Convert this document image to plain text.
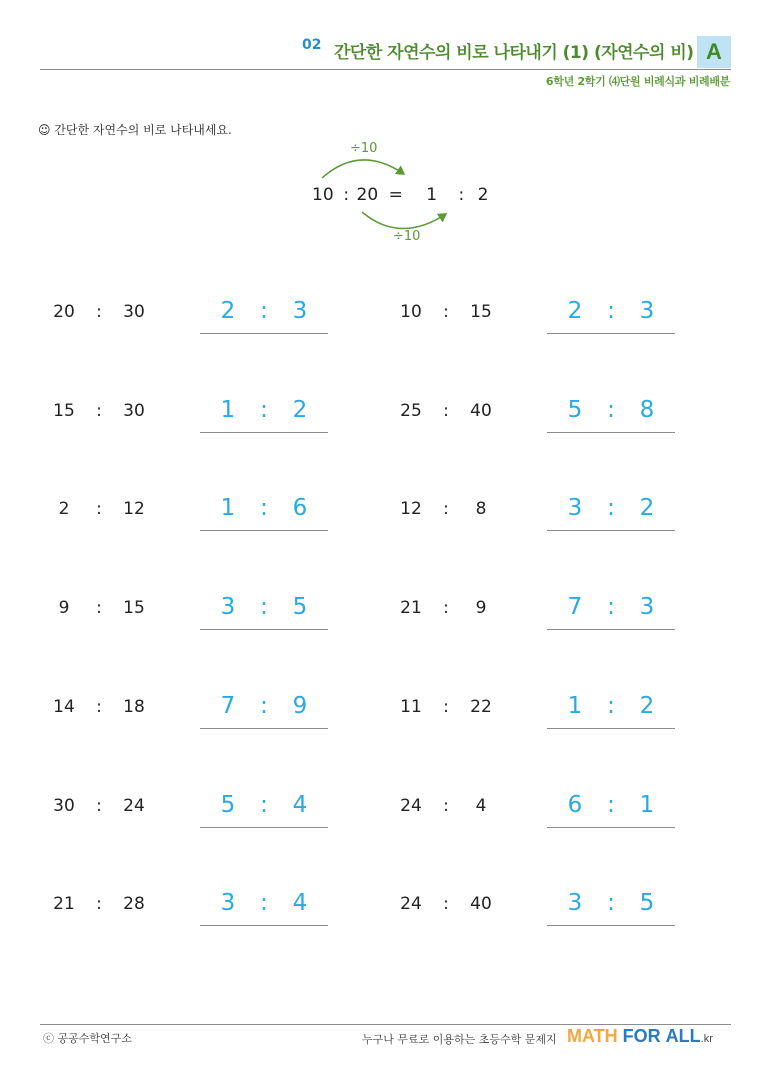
02 간단한 자연수의 비로 나타내기 (1) (자연수의 비) A
6학년 2학기 ⑷단원 비례식과 비례배분
☺ 간단한 자연수의 비로 나타내세요.
÷10
10 : 20 = 1 : 2
÷10
20	:	30	2 : 3	10	:	15	2 : 3
15	:	30	1 : 2	25	:	40	5 : 8
2	:	12	1 : 6	12	:	8	3 : 2
9	:	15	3 : 5	21	:	9	7 : 3
14	:	18	7 : 9	11	:	22	1 : 2
30	:	24	5 : 4	24	:	4	6 : 1
21	:	28	3 : 4	24	:	40	3 : 5
ⓒ 공공수학연구소	누구나 무료로 이용하는 초등수학 문제지 MATH FOR ALL.kr
